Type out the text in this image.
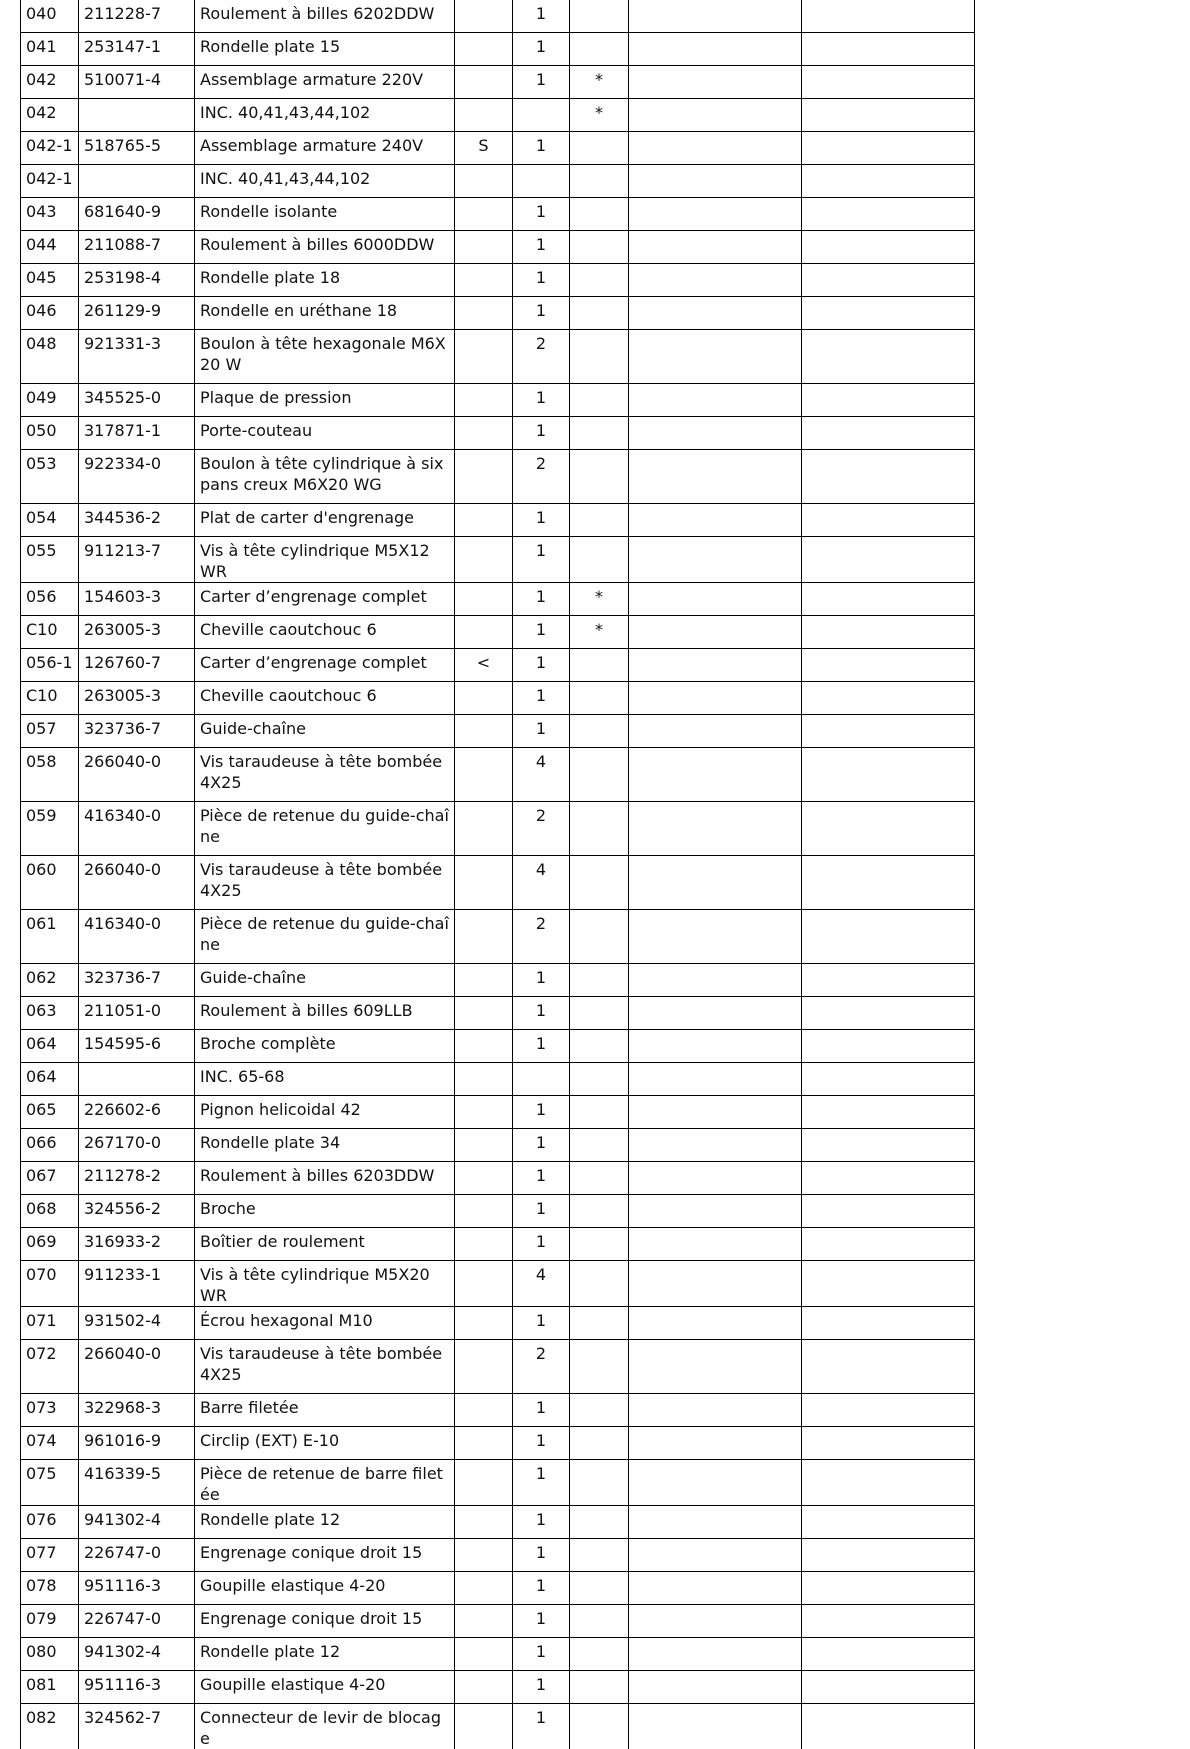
040	211228-7	Roulement à billes 6202DDW		1			
041	253147-1	Rondelle plate 15		1			
042	510071-4	Assemblage armature 220V		1	*		
042		INC. 40,41,43,44,102			*		
042-1	518765-5	Assemblage armature 240V	S	1			
042-1		INC. 40,41,43,44,102					
043	681640-9	Rondelle isolante		1			
044	211088-7	Roulement à billes 6000DDW		1			
045	253198-4	Rondelle plate 18		1			
046	261129-9	Rondelle en uréthane 18		1			
048	921331-3	Boulon à tête hexagonale M6X20 W		2			
049	345525-0	Plaque de pression		1			
050	317871-1	Porte-couteau		1			
053	922334-0	Boulon à tête cylindrique à six pans creux M6X20 WG		2			
054	344536-2	Plat de carter d'engrenage		1			
055	911213-7	Vis à tête cylindrique M5X12 WR		1			
056	154603-3	Carter d’engrenage complet		1	*		
C10	263005-3	Cheville caoutchouc 6		1	*		
056-1	126760-7	Carter d’engrenage complet	<	1			
C10	263005-3	Cheville caoutchouc 6		1			
057	323736-7	Guide-chaîne		1			
058	266040-0	Vis taraudeuse à tête bombée 4X25		4			
059	416340-0	Pièce de retenue du guide-chaîne		2			
060	266040-0	Vis taraudeuse à tête bombée 4X25		4			
061	416340-0	Pièce de retenue du guide-chaîne		2			
062	323736-7	Guide-chaîne		1			
063	211051-0	Roulement à billes 609LLB		1			
064	154595-6	Broche complète		1			
064		INC. 65-68					
065	226602-6	Pignon helicoidal 42		1			
066	267170-0	Rondelle plate 34		1			
067	211278-2	Roulement à billes 6203DDW		1			
068	324556-2	Broche		1			
069	316933-2	Boîtier de roulement		1			
070	911233-1	Vis à tête cylindrique M5X20 WR		4			
071	931502-4	Écrou hexagonal M10		1			
072	266040-0	Vis taraudeuse à tête bombée 4X25		2			
073	322968-3	Barre filetée		1			
074	961016-9	Circlip (EXT) E-10		1			
075	416339-5	Pièce de retenue de barre filetée		1			
076	941302-4	Rondelle plate 12		1			
077	226747-0	Engrenage conique droit 15		1			
078	951116-3	Goupille elastique 4-20		1			
079	226747-0	Engrenage conique droit 15		1			
080	941302-4	Rondelle plate 12		1			
081	951116-3	Goupille elastique 4-20		1			
082	324562-7	Connecteur de levir de blocage		1			
